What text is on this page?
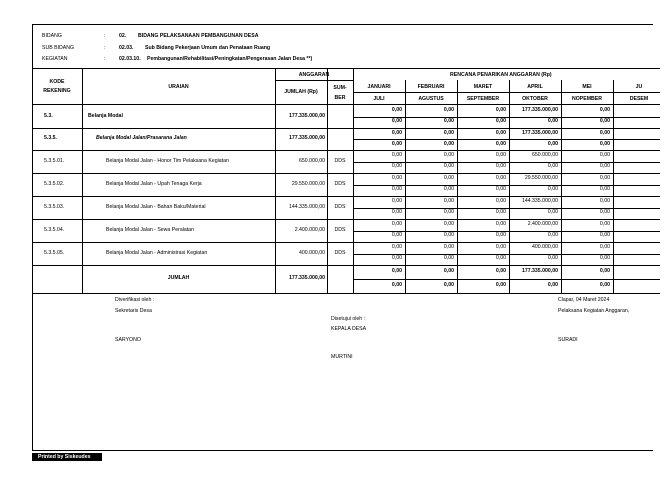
BIDANG	:	02. BIDANG PELAKSANAAN PEMBANGUNAN DESA
SUB BIDANG	:	02.03. Sub Bidang Pekerjaan Umum dan Penataan Ruang
KEGIATAN	:	02.03.10. Pembangunan/Rehabilitasi/Peningkatan/Pengerasan Jalan Desa **)
KODE
REKENING
URAIAN
ANGGARAN
JUMLAH (Rp)
SUM-
BER
RENCANA PENARIKAN ANGGARAN (Rp)
JANUARI	FEBRUARI	MARET	APRIL	MEI	JU
JULI	AGUSTUS	SEPTEMBER	OKTOBER	NOPEMBER	DESEM
5.3.	Belanja Modal	177.335.000,00
0,00	0,00	0,00	177.335.000,00	0,00
0,00	0,00	0,00	0,00	0,00
5.3.5.	Belanja Modal Jalan/Prasarana Jalan	177.335.000,00
0,00	0,00	0,00	177.335.000,00	0,00
0,00	0,00	0,00	0,00	0,00
5.3.5.01.	Belanja Modal Jalan - Honor Tim Pelaksana Kegiatan	650.000,00	DDS
0,00	0,00	0,00	650.000,00	0,00
0,00	0,00	0,00	0,00	0,00
5.3.5.02.	Belanja Modal Jalan - Upah Tenaga Kerja	29.550.000,00	DDS
0,00	0,00	0,00	29.550.000,00	0,00
0,00	0,00	0,00	0,00	0,00
5.3.5.03.	Belanja Modal Jalan - Bahan Baku/Material	144.335.000,00	DDS
0,00	0,00	0,00	144.335.000,00	0,00
0,00	0,00	0,00	0,00	0,00
5.3.5.04.	Belanja Modal Jalan - Sewa Peralatan	2.400.000,00	DDS
0,00	0,00	0,00	2.400.000,00	0,00
0,00	0,00	0,00	0,00	0,00
5.3.5.05.	Belanja Modal Jalan - Administrasi Kegiatan	400.000,00	DDS
0,00	0,00	0,00	400.000,00	0,00
0,00	0,00	0,00	0,00	0,00
JUMLAH	177.335.000,00
0,00	0,00	0,00	177.335.000,00	0,00
0,00	0,00	0,00	0,00	0,00
Diverifikasi oleh :
Sekretaris Desa
SARYONO
Disetujui oleh :
KEPALA DESA
MURTINI
Clapar, 04 Maret 2024
Pelaksana Kegiatan Anggaran,
SURADI
Printed by Siskeudes
